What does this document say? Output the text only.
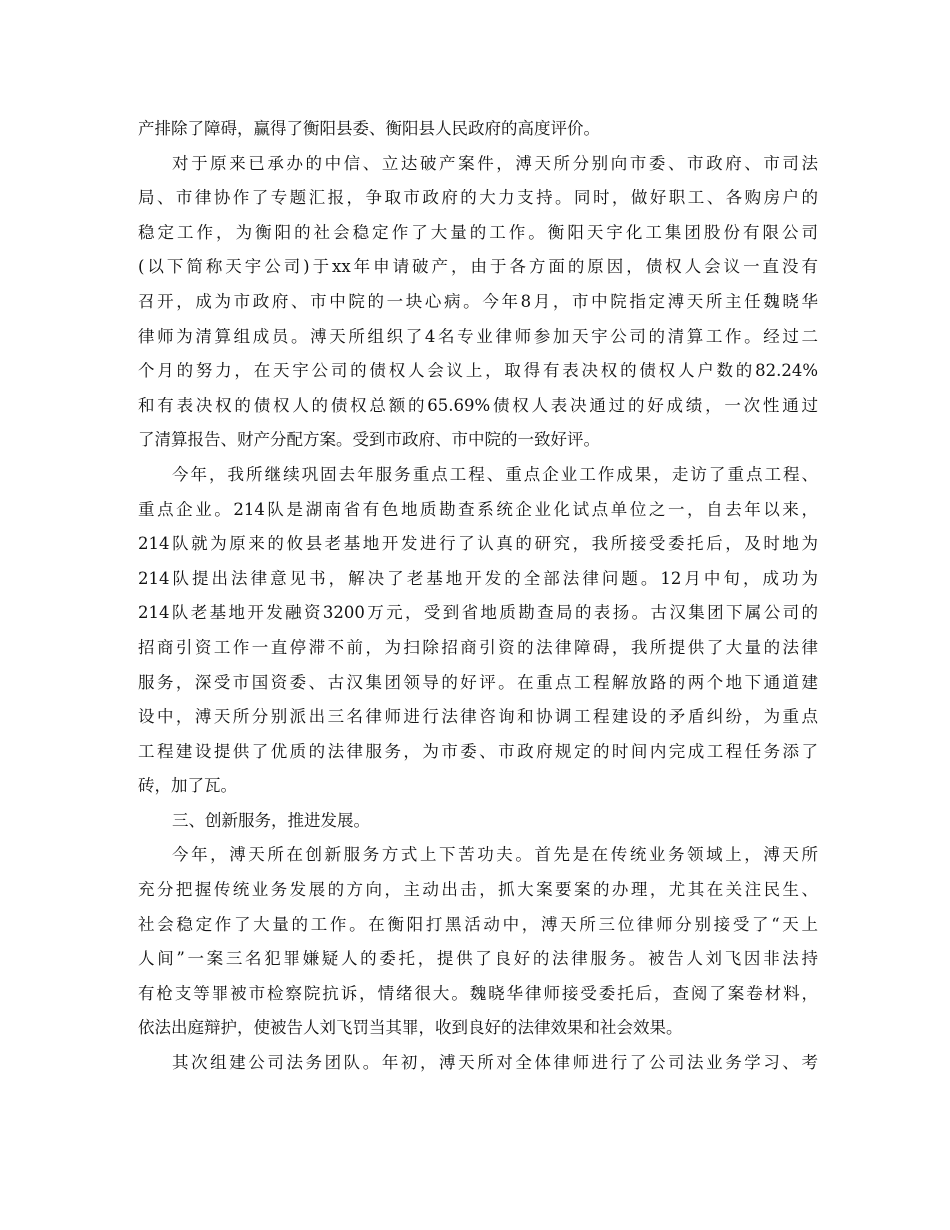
产排除了障碍，赢得了衡阳县委、衡阳县人民政府的高度评价。
对于原来已承办的中信、立达破产案件，溥天所分别向市委、市政府、市司法
局、市律协作了专题汇报，争取市政府的大力支持。同时，做好职工、各购房户的
稳定工作，为衡阳的社会稳定作了大量的工作。衡阳天宇化工集团股份有限公司
(以下简称天宇公司)于xx年申请破产，由于各方面的原因，债权人会议一直没有
召开，成为市政府、市中院的一块心病。今年8月，市中院指定溥天所主任魏晓华
律师为清算组成员。溥天所组织了4名专业律师参加天宇公司的清算工作。经过二
个月的努力，在天宇公司的债权人会议上，取得有表决权的债权人户数的82.24%
和有表决权的债权人的债权总额的65.69%债权人表决通过的好成绩，一次性通过
了清算报告、财产分配方案。受到市政府、市中院的一致好评。
今年，我所继续巩固去年服务重点工程、重点企业工作成果，走访了重点工程、
重点企业。214队是湖南省有色地质勘查系统企业化试点单位之一，自去年以来，
214队就为原来的攸县老基地开发进行了认真的研究，我所接受委托后，及时地为
214队提出法律意见书，解决了老基地开发的全部法律问题。12月中旬，成功为
214队老基地开发融资3200万元，受到省地质勘查局的表扬。古汉集团下属公司的
招商引资工作一直停滞不前，为扫除招商引资的法律障碍，我所提供了大量的法律
服务，深受市国资委、古汉集团领导的好评。在重点工程解放路的两个地下通道建
设中，溥天所分别派出三名律师进行法律咨询和协调工程建设的矛盾纠纷，为重点
工程建设提供了优质的法律服务，为市委、市政府规定的时间内完成工程任务添了
砖，加了瓦。
三、创新服务，推进发展。
今年，溥天所在创新服务方式上下苦功夫。首先是在传统业务领域上，溥天所
充分把握传统业务发展的方向，主动出击，抓大案要案的办理，尤其在关注民生、
社会稳定作了大量的工作。在衡阳打黑活动中，溥天所三位律师分别接受了“天上
人间”一案三名犯罪嫌疑人的委托，提供了良好的法律服务。被告人刘飞因非法持
有枪支等罪被市检察院抗诉，情绪很大。魏晓华律师接受委托后，查阅了案卷材料，
依法出庭辩护，使被告人刘飞罚当其罪，收到良好的法律效果和社会效果。
其次组建公司法务团队。年初，溥天所对全体律师进行了公司法业务学习、考
